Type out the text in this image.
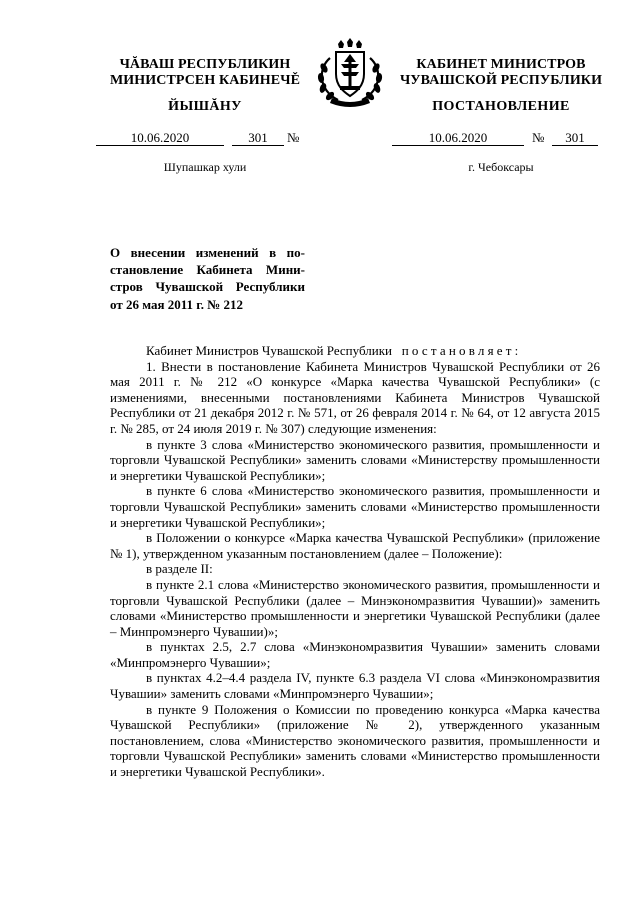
ЧĂВАШ РЕСПУБЛИКИН
МИНИСТРСЕН КАБИНЕЧĚ
ЙЫШĂНУ
КАБИНЕТ МИНИСТРОВ
ЧУВАШСКОЙ РЕСПУБЛИКИ
ПОСТАНОВЛЕНИЕ
10.06.2020	301	№	10.06.2020	№	301
Шупашкар хули	г. Чебоксары
О внесении изменений в по-
становление Кабинета Мини-
стров Чувашской Республики
от 26 мая 2011 г. № 212

Кабинет Министров Чувашской Республики постановляет:

1. Внести в постановление Кабинета Министров Чувашской Республики от 26 мая 2011 г. № 212 «О конкурсе «Марка качества Чувашской Республики» (с изменениями, внесенными постановлениями Кабинета Министров Чувашской Республики от 21 декабря 2012 г. № 571, от 26 февраля 2014 г. № 64, от 12 августа 2015 г. № 285, от 24 июля 2019 г. № 307) следующие изменения:

в пункте 3 слова «Министерство экономического развития, промышленности и торговли Чувашской Республики» заменить словами «Министерству промышленности и энергетики Чувашской Республики»;

в пункте 6 слова «Министерство экономического развития, промышленности и торговли Чувашской Республики» заменить словами «Министерство промышленности и энергетики Чувашской Республики»;

в Положении о конкурсе «Марка качества Чувашской Республики» (приложение № 1), утвержденном указанным постановлением (далее – Положение):

в разделе II:

в пункте 2.1 слова «Министерство экономического развития, промышленности и торговли Чувашской Республики (далее – Минэкономразвития Чувашии)» заменить словами «Министерство промышленности и энергетики Чувашской Республики (далее – Минпромэнерго Чувашии)»;

в пунктах 2.5, 2.7 слова «Минэкономразвития Чувашии» заменить словами «Минпромэнерго Чувашии»;

в пунктах 4.2–4.4 раздела IV, пункте 6.3 раздела VI слова «Минэкономразвития Чувашии» заменить словами «Минпромэнерго Чувашии»;

в пункте 9 Положения о Комиссии по проведению конкурса «Марка качества Чувашской Республики» (приложение № 2), утвержденного указанным постановлением, слова «Министерство экономического развития, промышленности и торговли Чувашской Республики» заменить словами «Министерство промышленности и энергетики Чувашской Республики».
